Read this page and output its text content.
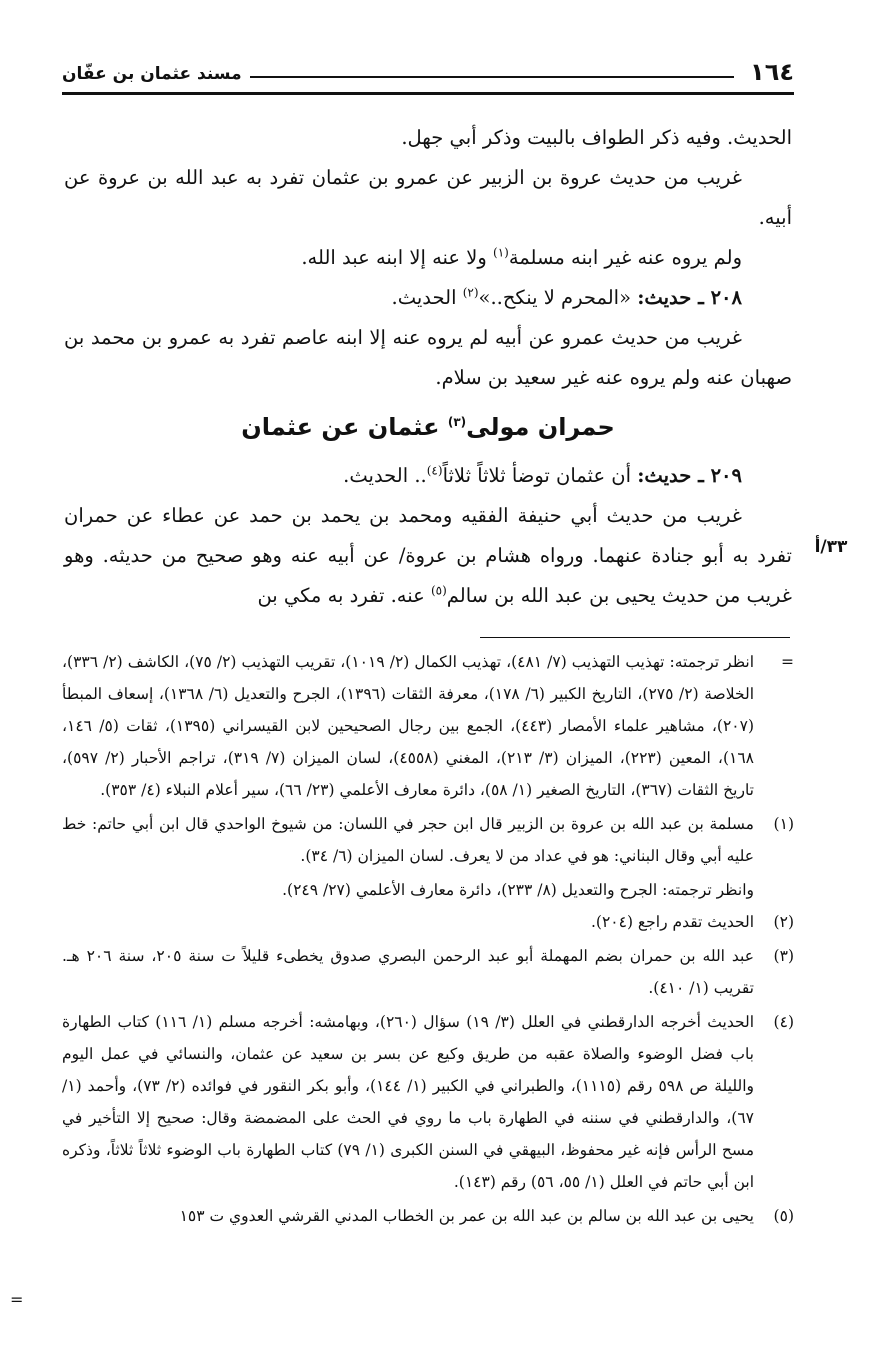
١٦٤
مسند عثمان بن عفّان

الحديث. وفيه ذكر الطواف بالبيت وذكر أبي جهل.

غريب من حديث عروة بن الزبير عن عمرو بن عثمان تفرد به عبد الله بن عروة عن أبيه.

ولم يروه عنه غير ابنه مسلمة$^{(١)}$ ولا عنه إلا ابنه عبد الله.

٢٠٨ ـ حديث: «المحرم لا ينكح..»$^{(٢)}$ الحديث.

غريب من حديث عمرو عن أبيه لم يروه عنه إلا ابنه عاصم تفرد به عمرو بن محمد بن صهبان عنه ولم يروه عنه غير سعيد بن سلام.

حمران مولى$^{(٣)}$ عثمان عن عثمان

٢٠٩ ـ حديث: أن عثمان توضأ ثلاثاً ثلاثاً$^{(٤)}$.. الحديث.

غريب من حديث أبي حنيفة الفقيه ومحمد بن يحمد بن حمد عن عطاء عن حمران تفرد به أبو جنادة عنهما. ورواه هشام بن عروة/ عن أبيه عنه وهو صحيح من حديثه. وهو غريب من حديث يحيى بن عبد الله بن سالم$^{(٥)}$ عنه. تفرد به مكي بن

٣٣/أ
=
انظر ترجمته: تهذيب التهذيب (٧/ ٤٨١)، تهذيب الكمال (٢/ ١٠١٩)، تقريب التهذيب (٢/ ٧٥)، الكاشف (٢/ ٣٣٦)، الخلاصة (٢/ ٢٧٥)، التاريخ الكبير (٦/ ١٧٨)، معرفة الثقات (١٣٩٦)، الجرح والتعديل (٦/ ١٣٦٨)، إسعاف المبطأ (٢٠٧)، مشاهير علماء الأمصار (٤٤٣)، الجمع بين رجال الصحيحين لابن القيسراني (١٣٩٥)، ثقات (٥/ ١٤٦، ١٦٨)، المعين (٢٢٣)، الميزان (٣/ ٢١٣)، المغني (٤٥٥٨)، لسان الميزان (٧/ ٣١٩)، تراجم الأحبار (٢/ ٥٩٧)، تاريخ الثقات (٣٦٧)، التاريخ الصغير (١/ ٥٨)، دائرة معارف الأعلمي (٢٣/ ٦٦)، سير أعلام النبلاء (٤/ ٣٥٣).
(١)
مسلمة بن عبد الله بن عروة بن الزبير قال ابن حجر في اللسان: من شيوخ الواحدي قال ابن أبي حاتم: خط عليه أبي وقال البناني: هو في عداد من لا يعرف. لسان الميزان (٦/ ٣٤).
وانظر ترجمته: الجرح والتعديل (٨/ ٢٣٣)، دائرة معارف الأعلمي (٢٧/ ٢٤٩).
(٢)
الحديث تقدم راجع (٢٠٤).
(٣)
عبد الله بن حمران بضم المهملة أبو عبد الرحمن البصري صدوق يخطىء قليلاً ت سنة ٢٠٥، سنة ٢٠٦ هـ. تقريب (١/ ٤١٠).
(٤)
الحديث أخرجه الدارقطني في العلل (٣/ ١٩) سؤال (٢٦٠)، وبهامشه: أخرجه مسلم (١/ ١١٦) كتاب الطهارة باب فضل الوضوء والصلاة عقبه من طريق وكيع عن بسر بن سعيد عن عثمان، والنسائي في عمل اليوم والليلة ص ٥٩٨ رقم (١١١٥)، والطبراني في الكبير (١/ ١٤٤)، وأبو بكر النقور في فوائده (٢/ ٧٣)، وأحمد (١/ ٦٧)، والدارقطني في سننه في الطهارة باب ما روي في الحث على المضمضة وقال: صحيح إلا التأخير في مسح الرأس فإنه غير محفوظ، البيهقي في السنن الكبرى (١/ ٧٩) كتاب الطهارة باب الوضوء ثلاثاً ثلاثاً، وذكره ابن أبي حاتم في العلل (١/ ٥٥، ٥٦) رقم (١٤٣).
(٥)
يحيى بن عبد الله بن سالم بن عبد الله بن عمر بن الخطاب المدني القرشي العدوي ت ١٥٣
=
